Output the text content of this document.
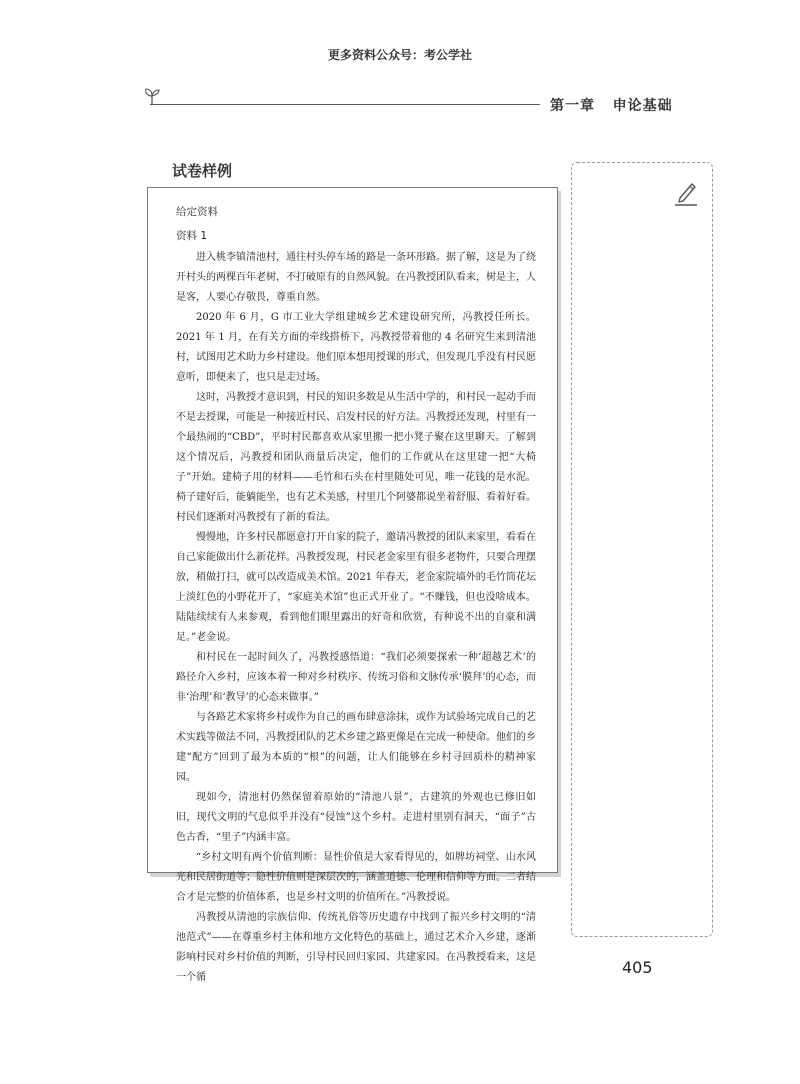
更多资料公众号：考公学社
第一章 申论基础
试卷样例
给定资料
资料 1

进入桃李镇清池村，通往村头停车场的路是一条环形路。据了解，这是为了绕开村头的两棵百年老树，不打破原有的自然风貌。在冯教授团队看来，树是主，人是客，人要心存敬畏，尊重自然。

2020 年 6 月，G 市工业大学组建城乡艺术建设研究所，冯教授任所长。2021 年 1 月，在有关方面的牵线搭桥下，冯教授带着他的 4 名研究生来到清池村，试图用艺术助力乡村建设。他们原本想用授课的形式，但发现几乎没有村民愿意听，即便来了，也只是走过场。

这时，冯教授才意识到，村民的知识多数是从生活中学的，和村民一起动手而不是去授课，可能是一种接近村民、启发村民的好方法。冯教授还发现，村里有一个最热闹的“CBD”，平时村民都喜欢从家里搬一把小凳子聚在这里聊天。了解到这个情况后，冯教授和团队商量后决定，他们的工作就从在这里建一把“大椅子”开始。建椅子用的材料——毛竹和石头在村里随处可见，唯一花钱的是水泥。椅子建好后，能躺能坐，也有艺术美感，村里几个阿婆都说坐着舒服、看着好看。村民们逐渐对冯教授有了新的看法。

慢慢地，许多村民都愿意打开自家的院子，邀请冯教授的团队来家里，看看在自己家能做出什么新花样。冯教授发现，村民老金家里有很多老物件，只要合理摆放，稍做打扫，就可以改造成美术馆。2021 年春天，老金家院墙外的毛竹筒花坛上淡红色的小野花开了，“家庭美术馆”也正式开业了。“不赚钱，但也没啥成本。陆陆续续有人来参观，看到他们眼里露出的好奇和欣赏，有种说不出的自豪和满足。”老金说。

和村民在一起时间久了，冯教授感悟道：“我们必须要探索一种‘超越艺术’的路径介入乡村，应该本着一种对乡村秩序、传统习俗和文脉传承‘膜拜’的心态，而非‘治理’和‘教导’的心态来做事。”

与各路艺术家将乡村或作为自己的画布肆意涂抹，或作为试验场完成自己的艺术实践等做法不同，冯教授团队的艺术乡建之路更像是在完成一种使命。他们的乡建“配方”回到了最为本质的“根”的问题，让人们能够在乡村寻回质朴的精神家园。

现如今，清池村仍然保留着原始的“清池八景”，古建筑的外观也已修旧如旧，现代文明的气息似乎并没有“侵蚀”这个乡村。走进村里别有洞天，“面子”古色古香，“里子”内涵丰富。

“乡村文明有两个价值判断：显性价值是大家看得见的，如牌坊祠堂、山水风光和民居街道等；隐性价值则是深层次的，涵盖道德、伦理和信仰等方面。二者结合才是完整的价值体系，也是乡村文明的价值所在。”冯教授说。

冯教授从清池的宗族信仰、传统礼俗等历史遗存中找到了振兴乡村文明的“清池范式”——在尊重乡村主体和地方文化特色的基础上，通过艺术介入乡建，逐渐影响村民对乡村价值的判断，引导村民回归家园、共建家园。在冯教授看来，这是一个循

405
